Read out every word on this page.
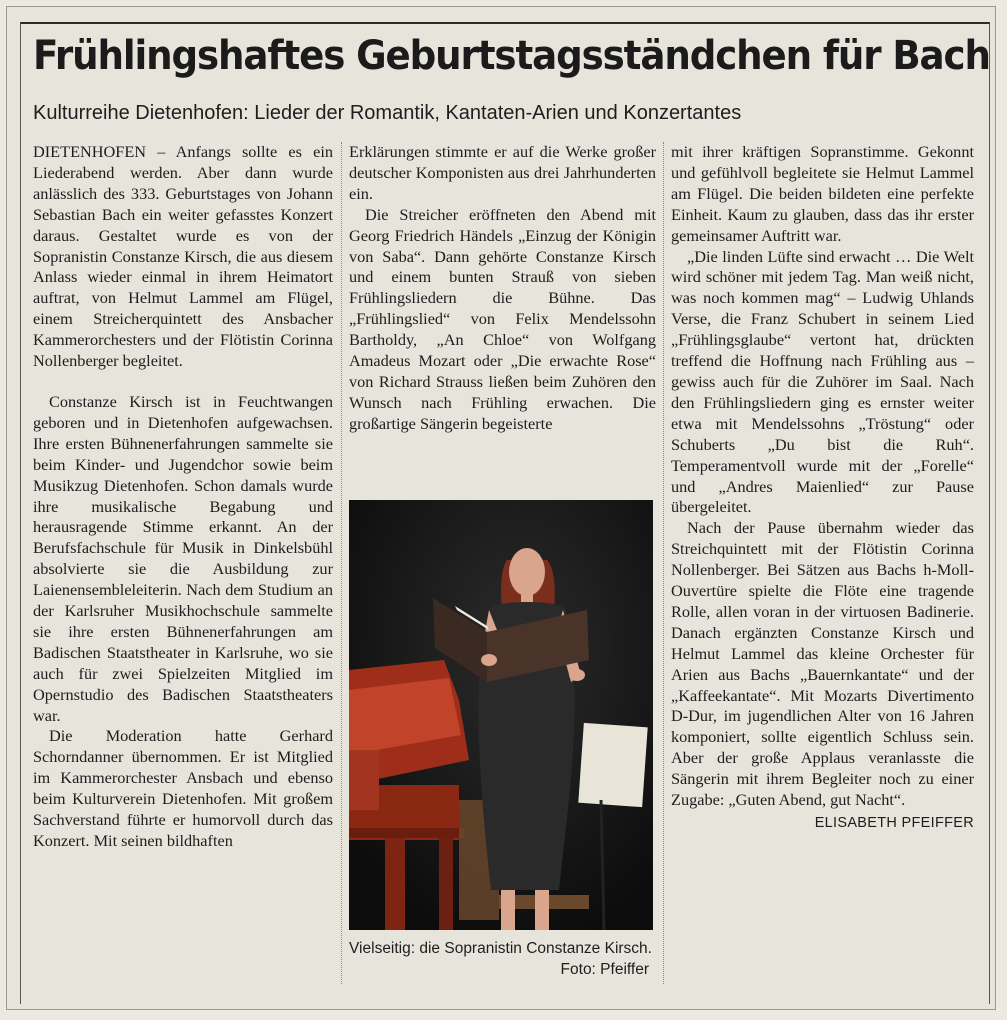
Frühlingshaftes Geburtstagsständchen für Bach
Kulturreihe Dietenhofen: Lieder der Romantik, Kantaten-Arien und Konzertantes

DIETENHOFEN – Anfangs sollte es ein Liederabend werden. Aber dann wurde anlässlich des 333. Geburtstages von Johann Sebastian Bach ein weiter gefasstes Konzert daraus. Gestaltet wurde es von der Sopranistin Constanze Kirsch, die aus diesem Anlass wieder einmal in ihrem Heimatort auftrat, von Helmut Lammel am Flügel, einem Streicherquintett des Ansbacher Kammerorchesters und der Flötistin Corinna Nollenberger begleitet.

Constanze Kirsch ist in Feuchtwangen geboren und in Dietenhofen aufgewachsen. Ihre ersten Bühnenerfahrungen sammelte sie beim Kinder- und Jugendchor sowie beim Musikzug Dietenhofen. Schon damals wurde ihre musikalische Begabung und herausragende Stimme erkannt. An der Berufsfachschule für Musik in Dinkelsbühl absolvierte sie die Ausbildung zur Laienensembleleiterin. Nach dem Studium an der Karlsruher Musikhochschule sammelte sie ihre ersten Bühnenerfahrungen am Badischen Staatstheater in Karlsruhe, wo sie auch für zwei Spielzeiten Mitglied im Opernstudio des Badischen Staatstheaters war.

Die Moderation hatte Gerhard Schorndanner übernommen. Er ist Mitglied im Kammerorchester Ansbach und ebenso beim Kulturverein Dietenhofen. Mit großem Sachverstand führte er humorvoll durch das Konzert. Mit seinen bildhaften

Erklärungen stimmte er auf die Werke großer deutscher Komponisten aus drei Jahrhunderten ein.

Die Streicher eröffneten den Abend mit Georg Friedrich Händels „Einzug der Königin von Saba“. Dann gehörte Constanze Kirsch und einem bunten Strauß von sieben Frühlingsliedern die Bühne. Das „Frühlingslied“ von Felix Mendelssohn Bartholdy, „An Chloe“ von Wolfgang Amadeus Mozart oder „Die erwachte Rose“ von Richard Strauss ließen beim Zuhören den Wunsch nach Frühling erwachen. Die großartige Sängerin begeisterte

Vielseitig: die Sopranistin Constanze Kirsch.
Foto: Pfeiffer

mit ihrer kräftigen Sopranstimme. Gekonnt und gefühlvoll begleitete sie Helmut Lammel am Flügel. Die beiden bildeten eine perfekte Einheit. Kaum zu glauben, dass das ihr erster gemeinsamer Auftritt war.

„Die linden Lüfte sind erwacht … Die Welt wird schöner mit jedem Tag. Man weiß nicht, was noch kommen mag“ – Ludwig Uhlands Verse, die Franz Schubert in seinem Lied „Frühlingsglaube“ vertont hat, drückten treffend die Hoffnung nach Frühling aus – gewiss auch für die Zuhörer im Saal. Nach den Frühlingsliedern ging es ernster weiter etwa mit Mendelssohns „Tröstung“ oder Schuberts „Du bist die Ruh“. Temperamentvoll wurde mit der „Forelle“ und „Andres Maienlied“ zur Pause übergeleitet.

Nach der Pause übernahm wieder das Streichquintett mit der Flötistin Corinna Nollenberger. Bei Sätzen aus Bachs h-Moll-Ouvertüre spielte die Flöte eine tragende Rolle, allen voran in der virtuosen Badinerie. Danach ergänzten Constanze Kirsch und Helmut Lammel das kleine Orchester für Arien aus Bachs „Bauernkantate“ und der „Kaffeekantate“. Mit Mozarts Divertimento D-Dur, im jugendlichen Alter von 16 Jahren komponiert, sollte eigentlich Schluss sein. Aber der große Applaus veranlasste die Sängerin mit ihrem Begleiter noch zu einer Zugabe: „Guten Abend, gut Nacht“.

ELISABETH PFEIFFER
